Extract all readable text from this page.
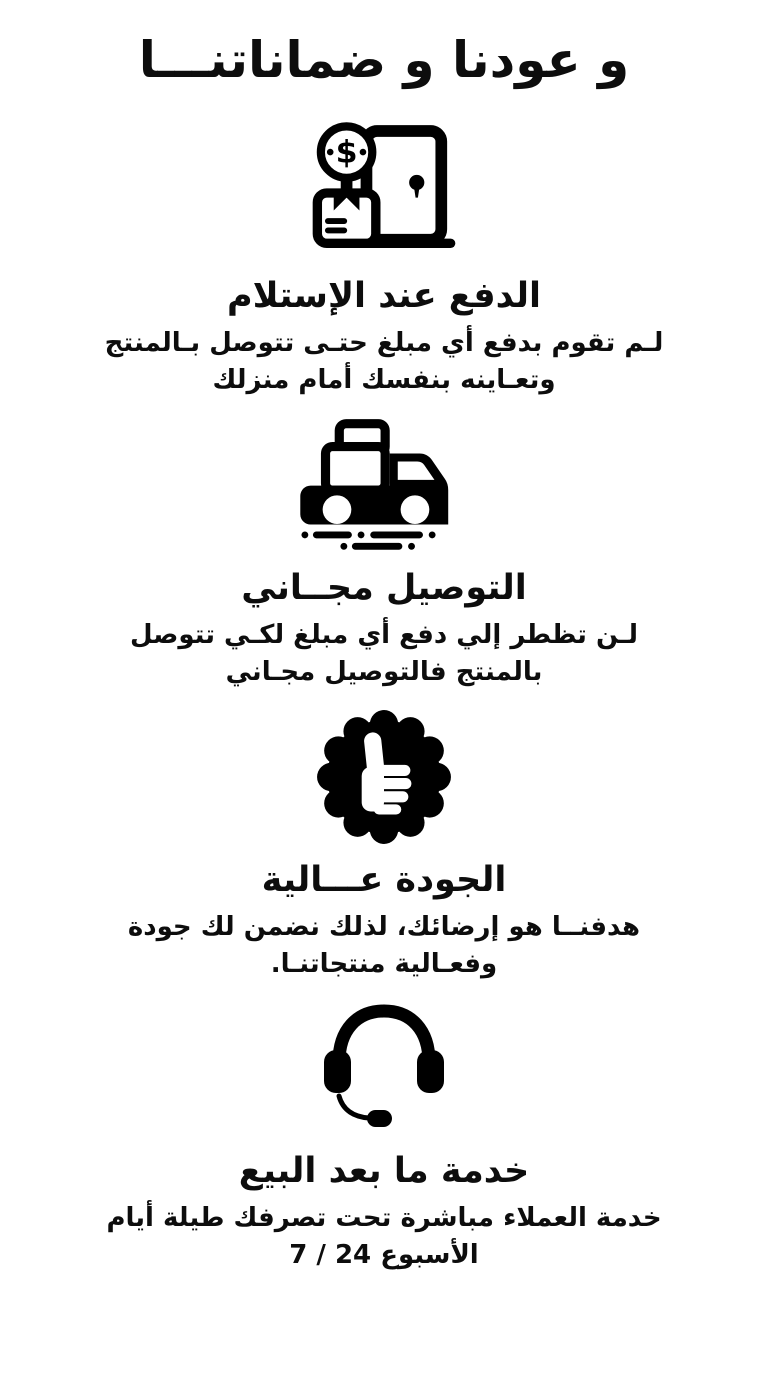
و عودنا و ضماناتنـــا
$
الدفع عند الإستلام

لـم تقوم بدفع أي مبلغ حتـى تتوصل بـالمنتج
وتعـاينه بنفسك أمام منزلك

التوصيل مجــاني

لـن تظطر إلي دفع أي مبلغ لكـي تتوصل
بالمنتج فالتوصيل مجـاني

الجودة عـــالية

هدفنــا هو إرضائك، لذلك نضمن لك جودة
وفعـالية منتجاتنـا.

خدمة ما بعد البيع

خدمة العملاء مباشرة تحت تصرفك طيلة أيام
الأسبوع 24 / 7
